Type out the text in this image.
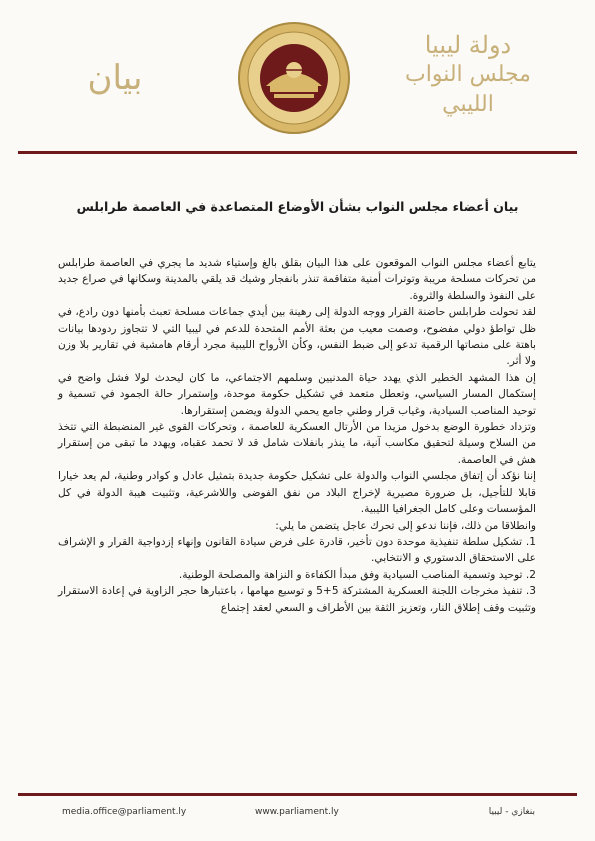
بيان
دولة ليبيا
مجلس النواب الليبي
بيان أعضاء مجلس النواب بشأن الأوضاع المتصاعدة في العاصمة طرابلس

يتابع أعضاء مجلس النواب الموقعون على هذا البيان بقلق بالغ وإستياء شديد ما يجري في العاصمة طرابلس من تحركات مسلحة مريبة وتوترات أمنية متفاقمة تنذر بانفجار وشيك قد يلقي بالمدينة وسكانها في صراع جديد على النفوذ والسلطة والثروة.

لقد تحولت طرابلس حاضنة القرار ووجه الدولة إلى رهينة بين أيدي جماعات مسلحة تعبث بأمنها دون رادع، في ظل تواطؤ دولي مفضوح، وصمت معيب من بعثة الأمم المتحدة للدعم في ليبيا التي لا تتجاوز ردودها بيانات باهتة على منصاتها الرقمية تدعو إلى ضبط النفس، وكأن الأرواح الليبية مجرد أرقام هامشية في تقارير بلا وزن ولا أثر.

إن هذا المشهد الخطير الذي يهدد حياة المدنيين وسلمهم الاجتماعي، ما كان ليحدث لولا فشل واضح في إستكمال المسار السياسي، وتعطل متعمد في تشكيل حكومة موحدة، وإستمرار حالة الجمود في تسمية و توحيد المناصب السيادية، وغياب قرار وطني جامع يحمي الدولة ويضمن إستقرارها.

وتزداد خطورة الوضع بدخول مزيدا من الأرتال العسكرية للعاصمة ، وتحركات القوى غير المنضبطة التي تتخذ من السلاح وسيلة لتحقيق مكاسب آنية، ما ينذر بانفلات شامل قد لا تحمد عقباه، ويهدد ما تبقى من إستقرار هش في العاصمة.

إننا نؤكد أن إتفاق مجلسي النواب والدولة على تشكيل حكومة جديدة بتمثيل عادل و كوادر وطنية، لم يعد خيارا قابلا للتأجيل، بل ضرورة مصيرية لإخراج البلاد من نفق الفوضى واللاشرعية، وتثبيت هيبة الدولة في كل المؤسسات وعلى كامل الجغرافيا الليبية.

وانطلاقا من ذلك، فإننا ندعو إلى تحرك عاجل يتضمن ما يلي:

1. تشكيل سلطة تنفيذية موحدة دون تأخير، قادرة على فرض سيادة القانون وإنهاء إزدواجية القرار و الإشراف على الاستحقاق الدستوري و الانتخابي.

2. توحيد وتسمية المناصب السيادية وفق مبدأ الكفاءة و النزاهة والمصلحة الوطنية.

3. تنفيذ مخرجات اللجنة العسكرية المشتركة 5+5 و توسيع مهامها ، باعتبارها حجر الزاوية في إعادة الاستقرار وتثبيت وقف إطلاق النار، وتعزيز الثقة بين الأطراف و السعي لعقد إجتماع

media.office@parliament.ly	www.parliament.ly	بنغازي - ليبيا
